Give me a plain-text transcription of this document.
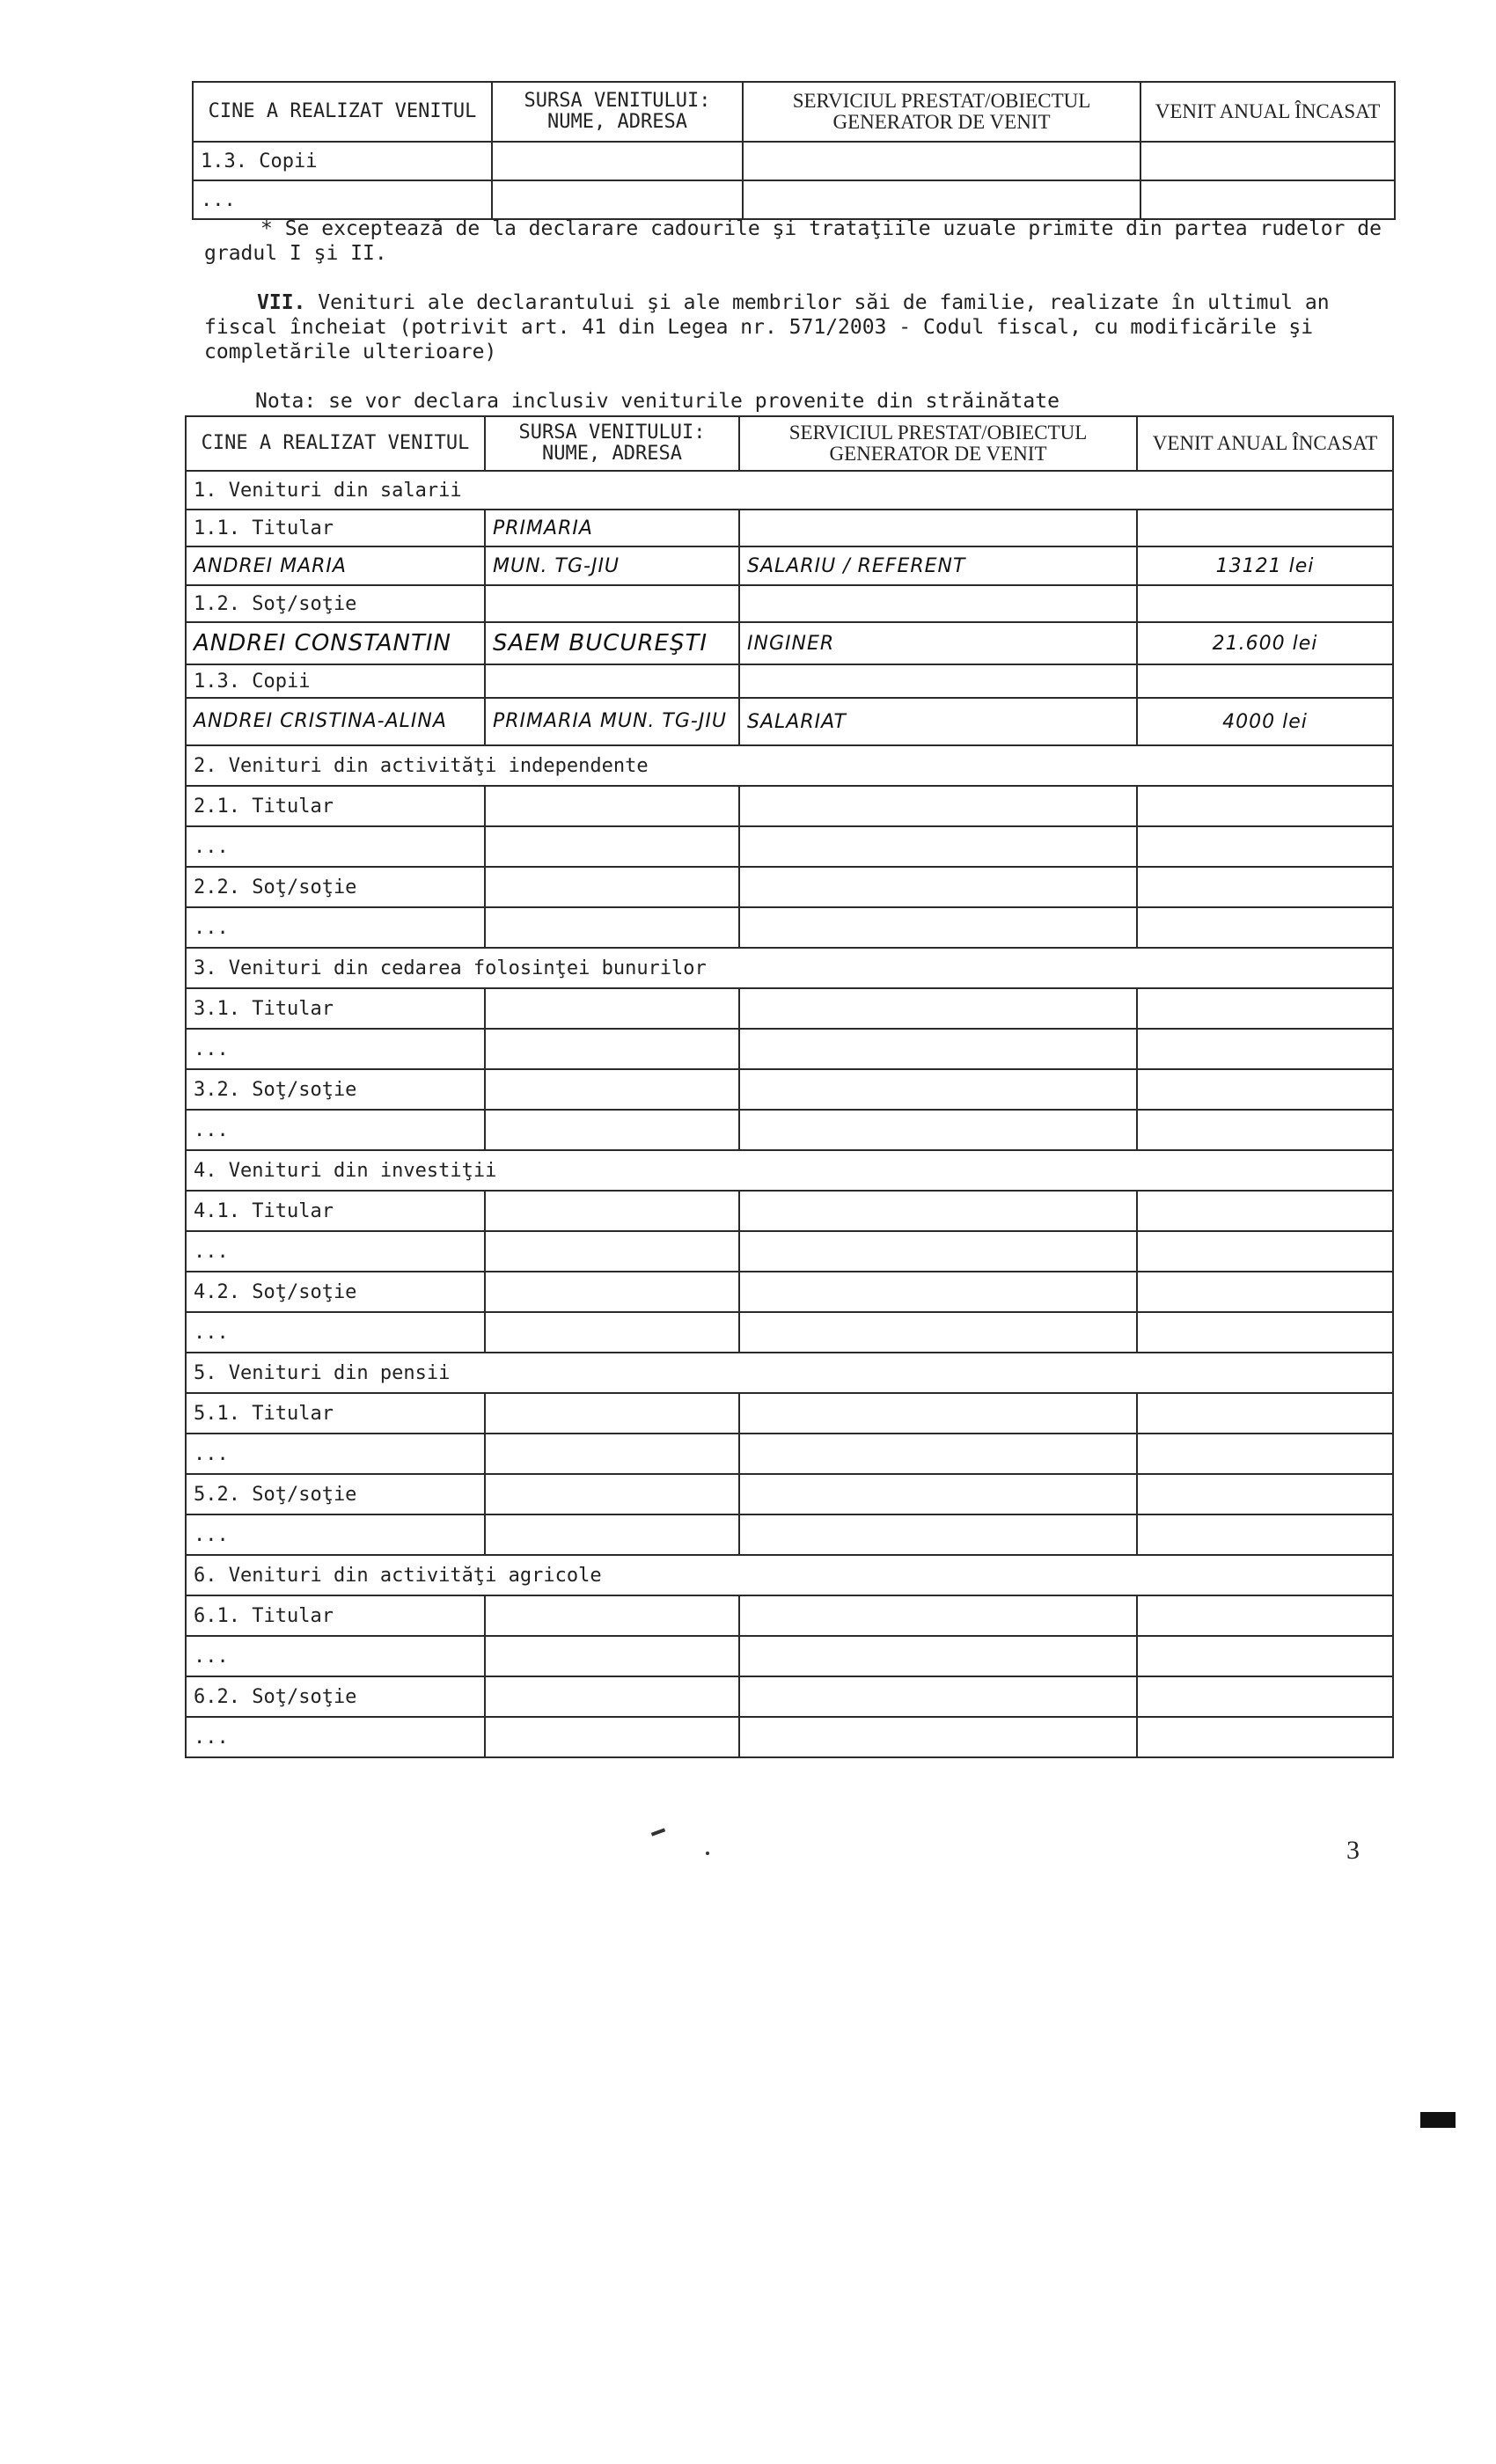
CINE A REALIZAT VENITUL	SURSA VENITULUI: NUME, ADRESA	SERVICIUL PRESTAT/OBIECTUL GENERATOR DE VENIT	VENIT ANUAL ÎNCASAT
1.3. Copii			
...			
* Se exceptează de la declarare cadourile şi trataţiile uzuale primite din partea rudelor de gradul I şi II.
VII. Venituri ale declarantului şi ale membrilor săi de familie, realizate în ultimul an fiscal încheiat (potrivit art. 41 din Legea nr. 571/2003 - Codul fiscal, cu modificările şi completările ulterioare)
Nota: se vor declara inclusiv veniturile provenite din străinătate
CINE A REALIZAT VENITUL	SURSA VENITULUI: NUME, ADRESA	SERVICIUL PRESTAT/OBIECTUL GENERATOR DE VENIT	VENIT ANUAL ÎNCASAT
1. Venituri din salarii			
1.1. Titular	PRIMARIA		
ANDREI MARIA	MUN. TG-JIU	SALARIU / REFERENT	13121 lei
1.2. Soţ/soţie			
ANDREI CONSTANTIN	SAEM BUCUREŞTI	INGINER	21.600 lei
1.3. Copii			
ANDREI CRISTINA-ALINA	PRIMARIA MUN. TG-JIU	SALARIAT	4000 lei
2. Venituri din activităţi independente			
2.1. Titular			
...			
2.2. Soţ/soţie			
...			
3. Venituri din cedarea folosinţei bunurilor			
3.1. Titular			
...			
3.2. Soţ/soţie			
...			
4. Venituri din investiţii			
4.1. Titular			
...			
4.2. Soţ/soţie			
...			
5. Venituri din pensii			
5.1. Titular			
...			
5.2. Soţ/soţie			
...			
6. Venituri din activităţi agricole			
6.1. Titular			
...			
6.2. Soţ/soţie			
...			
3
